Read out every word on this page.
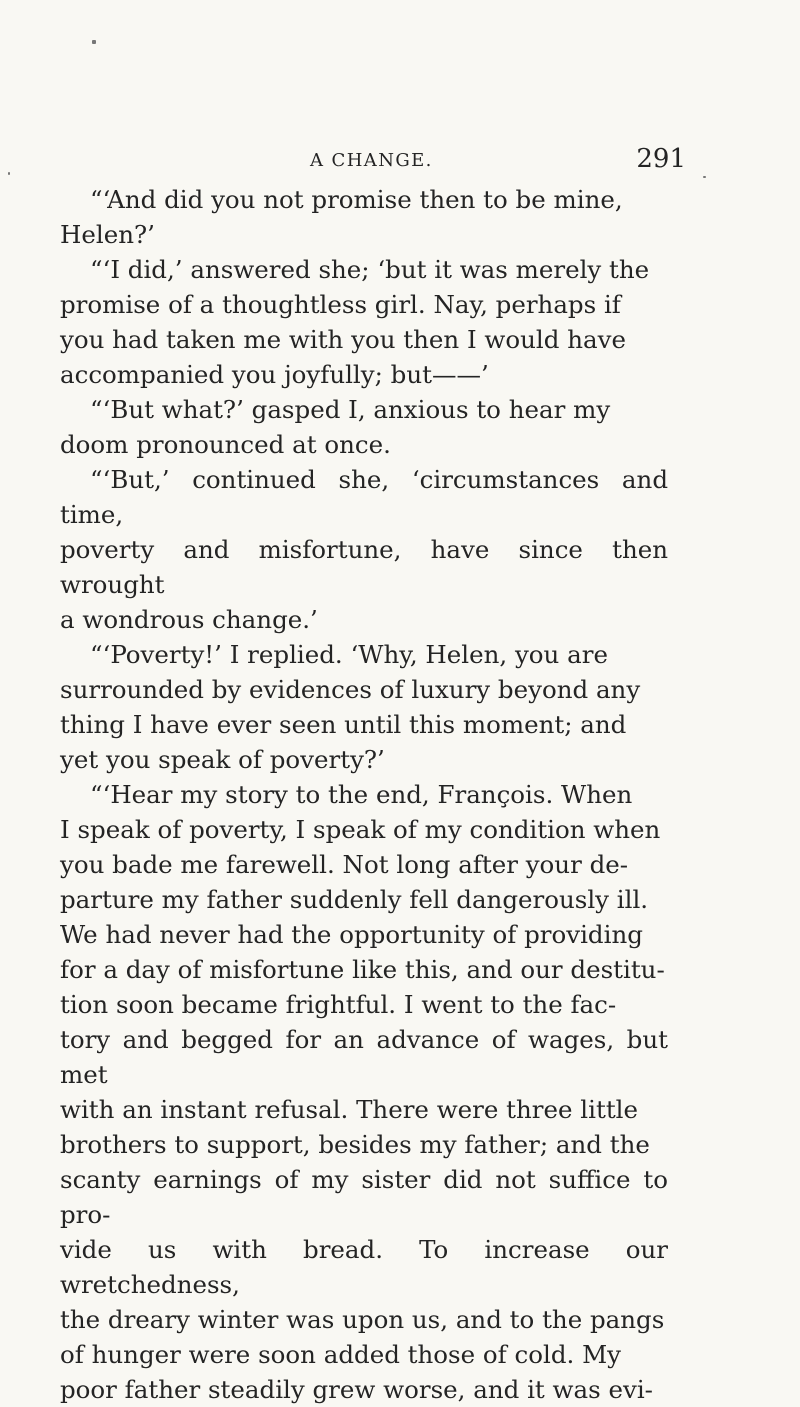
A CHANGE.	291

“‘And did you not promise then to be mine,
Helen?’

“‘I did,’ answered she; ‘but it was merely the
promise of a thoughtless girl. Nay, perhaps if
you had taken me with you then I would have
accompanied you joyfully; but——’

“‘But what?’ gasped I, anxious to hear my
doom pronounced at once.

“‘But,’ continued she, ‘circumstances and time,
poverty and misfortune, have since then wrought
a wondrous change.’

“‘Poverty!’ I replied. ‘Why, Helen, you are
surrounded by evidences of luxury beyond any
thing I have ever seen until this moment; and
yet you speak of poverty?’

“‘Hear my story to the end, François. When
I speak of poverty, I speak of my condition when
you bade me farewell. Not long after your de-
parture my father suddenly fell dangerously ill.
We had never had the opportunity of providing
for a day of misfortune like this, and our destitu-
tion soon became frightful. I went to the fac-
tory and begged for an advance of wages, but met
with an instant refusal. There were three little
brothers to support, besides my father; and the
scanty earnings of my sister did not suffice to pro-
vide us with bread. To increase our wretchedness,
the dreary winter was upon us, and to the pangs
of hunger were soon added those of cold. My
poor father steadily grew worse, and it was evi-
